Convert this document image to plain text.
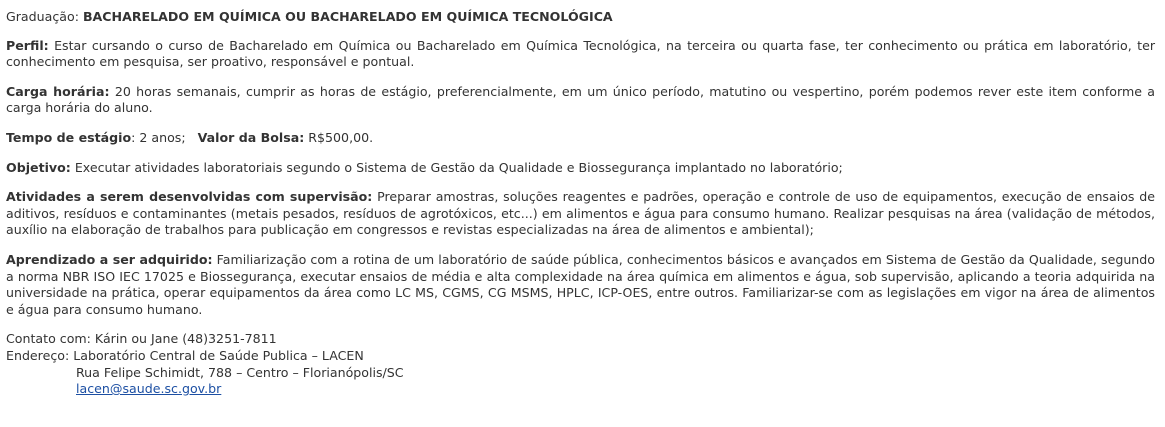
Graduação: BACHARELADO EM QUÍMICA OU BACHARELADO EM QUÍMICA TECNOLÓGICA

Perfil: Estar cursando o curso de Bacharelado em Química ou Bacharelado em Química Tecnológica, na terceira ou quarta fase, ter conhecimento ou prática em laboratório, ter conhecimento em pesquisa, ser proativo, responsável e pontual.

Carga horária: 20 horas semanais, cumprir as horas de estágio, preferencialmente, em um único período, matutino ou vespertino, porém podemos rever este item conforme a carga horária do aluno.

Tempo de estágio: 2 anos; Valor da Bolsa: R$500,00.

Objetivo: Executar atividades laboratoriais segundo o Sistema de Gestão da Qualidade e Biossegurança implantado no laboratório;

Atividades a serem desenvolvidas com supervisão: Preparar amostras, soluções reagentes e padrões, operação e controle de uso de equipamentos, execução de ensaios de aditivos, resíduos e contaminantes (metais pesados, resíduos de agrotóxicos, etc...) em alimentos e água para consumo humano. Realizar pesquisas na área (validação de métodos, auxílio na elaboração de trabalhos para publicação em congressos e revistas especializadas na área de alimentos e ambiental);

Aprendizado a ser adquirido: Familiarização com a rotina de um laboratório de saúde pública, conhecimentos básicos e avançados em Sistema de Gestão da Qualidade, segundo a norma NBR ISO IEC 17025 e Biossegurança, executar ensaios de média e alta complexidade na área química em alimentos e água, sob supervisão, aplicando a teoria adquirida na universidade na prática, operar equipamentos da área como LC MS, CGMS, CG MSMS, HPLC, ICP-OES, entre outros. Familiarizar-se com as legislações em vigor na área de alimentos e água para consumo humano.

Contato com: Kárin ou Jane (48)3251-7811
Endereço: Laboratório Central de Saúde Publica – LACEN
Rua Felipe Schimidt, 788 – Centro – Florianópolis/SC
lacen@saude.sc.gov.br
